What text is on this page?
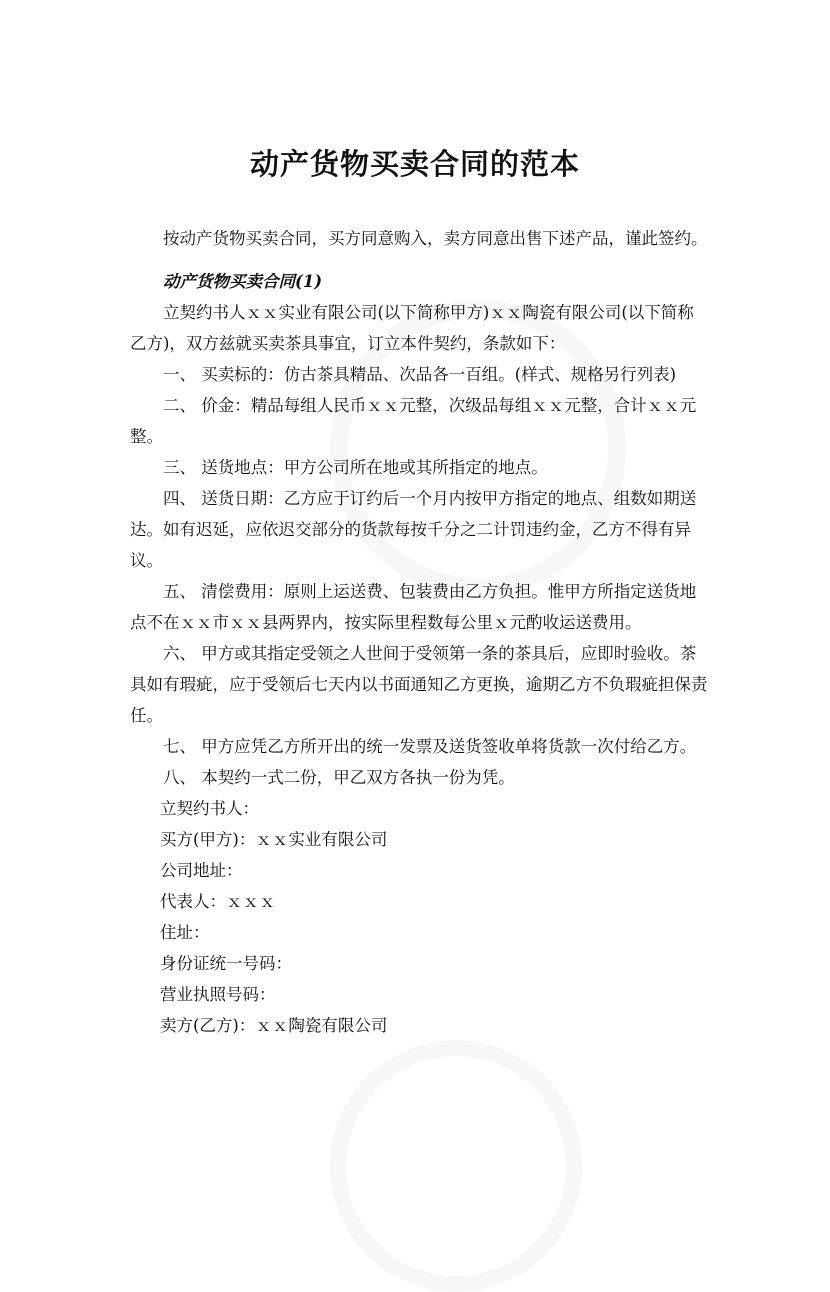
动产货物买卖合同的范本

按动产货物买卖合同，买方同意购入，卖方同意出售下述产品，谨此签约。

动产货物买卖合同(1)

立契约书人ｘｘ实业有限公司(以下简称甲方)ｘｘ陶瓷有限公司(以下简称乙方)，双方兹就买卖茶具事宜，订立本件契约，条款如下：

一、 买卖标的：仿古茶具精品、次品各一百组。(样式、规格另行列表)

二、 价金：精品每组人民币ｘｘ元整，次级品每组ｘｘ元整，合计ｘｘ元整。

三、 送货地点：甲方公司所在地或其所指定的地点。

四、 送货日期：乙方应于订约后一个月内按甲方指定的地点、组数如期送达。如有迟延，应依迟交部分的货款每按千分之二计罚违约金，乙方不得有异议。

五、 清偿费用：原则上运送费、包装费由乙方负担。惟甲方所指定送货地点不在ｘｘ市ｘｘ县两界内，按实际里程数每公里ｘ元酌收运送费用。

六、 甲方或其指定受领之人世间于受领第一条的茶具后，应即时验收。茶具如有瑕疵，应于受领后七天内以书面通知乙方更换，逾期乙方不负瑕疵担保责任。

七、 甲方应凭乙方所开出的统一发票及送货签收单将货款一次付给乙方。

八、 本契约一式二份，甲乙双方各执一份为凭。

立契约书人：

买方(甲方)：ｘｘ实业有限公司

公司地址：

代表人：ｘｘｘ

住址：

身份证统一号码：

营业执照号码：

卖方(乙方)：ｘｘ陶瓷有限公司
